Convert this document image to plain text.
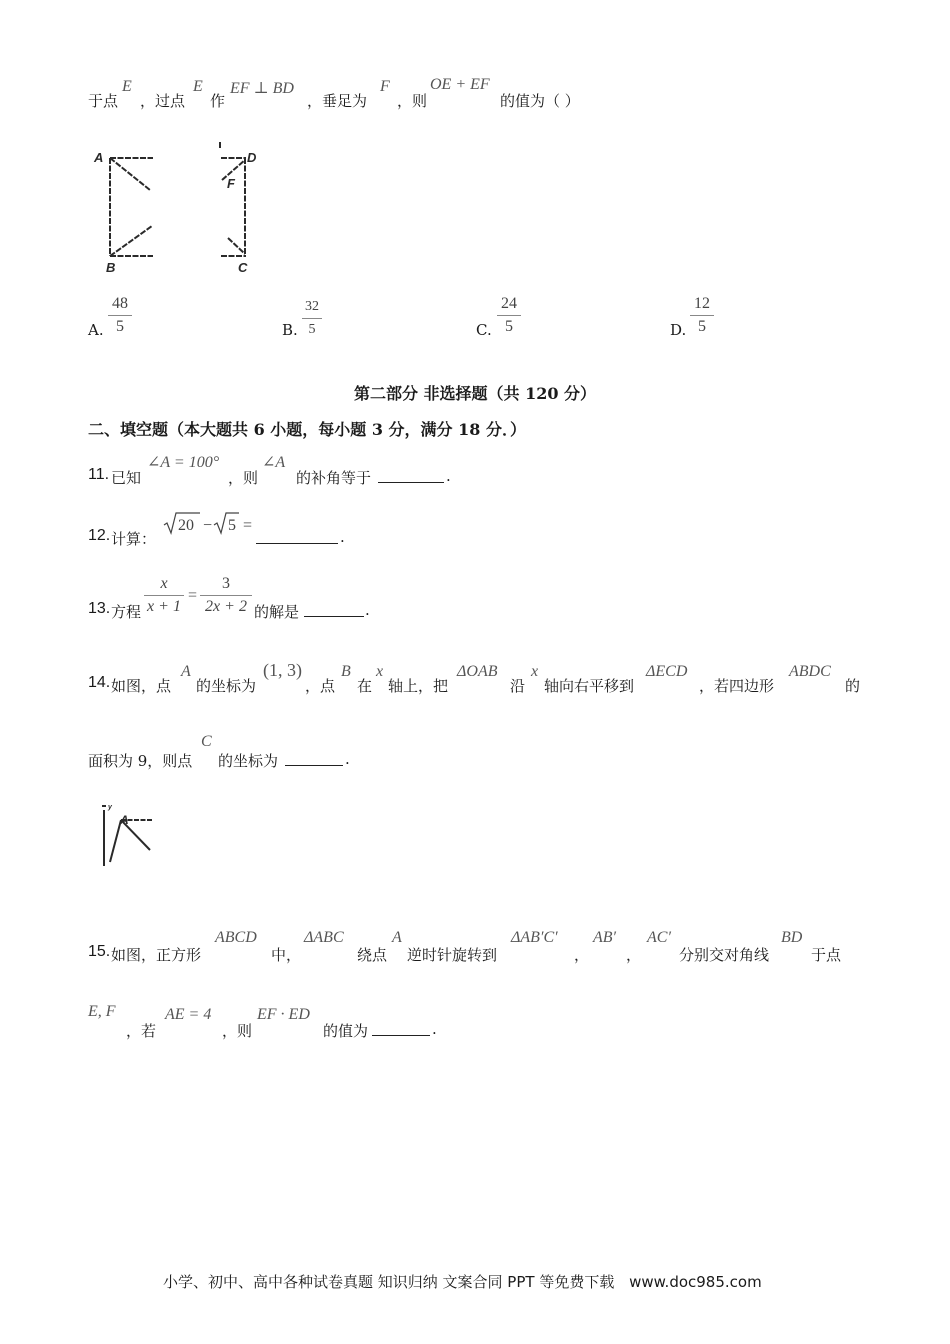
于点
E
，过点
E
作
EF ⊥ BD
，垂足为
F
，则
OE + EF
的值为（ ）
A	D
F
B	C
A.
48
5	B.
32
5	C.
24
5	D.
12
5
第二部分 非选择题（共 120 分）
二、填空题（本大题共 6 小题，每小题 3 分，满分 18 分．）
11. 已知
∠A = 100°
，则
∠A
的补角等于	.
12. 计算：
20 − 5 =
.
13. 方程
x
x + 1
=
3
2x + 2 的解是	.
14. 如图，点
A
的坐标为
(1, 3)
，点
B
在
x
轴上，把
ΔOAB
沿
x
轴向右平移到
ΔECD
，若四边形
ABDC
的
面积为 9，则点
C
的坐标为	.
y
A
15. 如图，正方形
ABCD
中，
ΔABC
绕点
A
逆时针旋转到
ΔAB′C′
，
AB′
，
AC′
分别交对角线
BD
于点
E, F
，若
AE = 4
，则
EF · ED
的值为	.
小学、初中、高中各种试卷真题 知识归纳 文案合同 PPT 等免费下载 www.doc985.com
